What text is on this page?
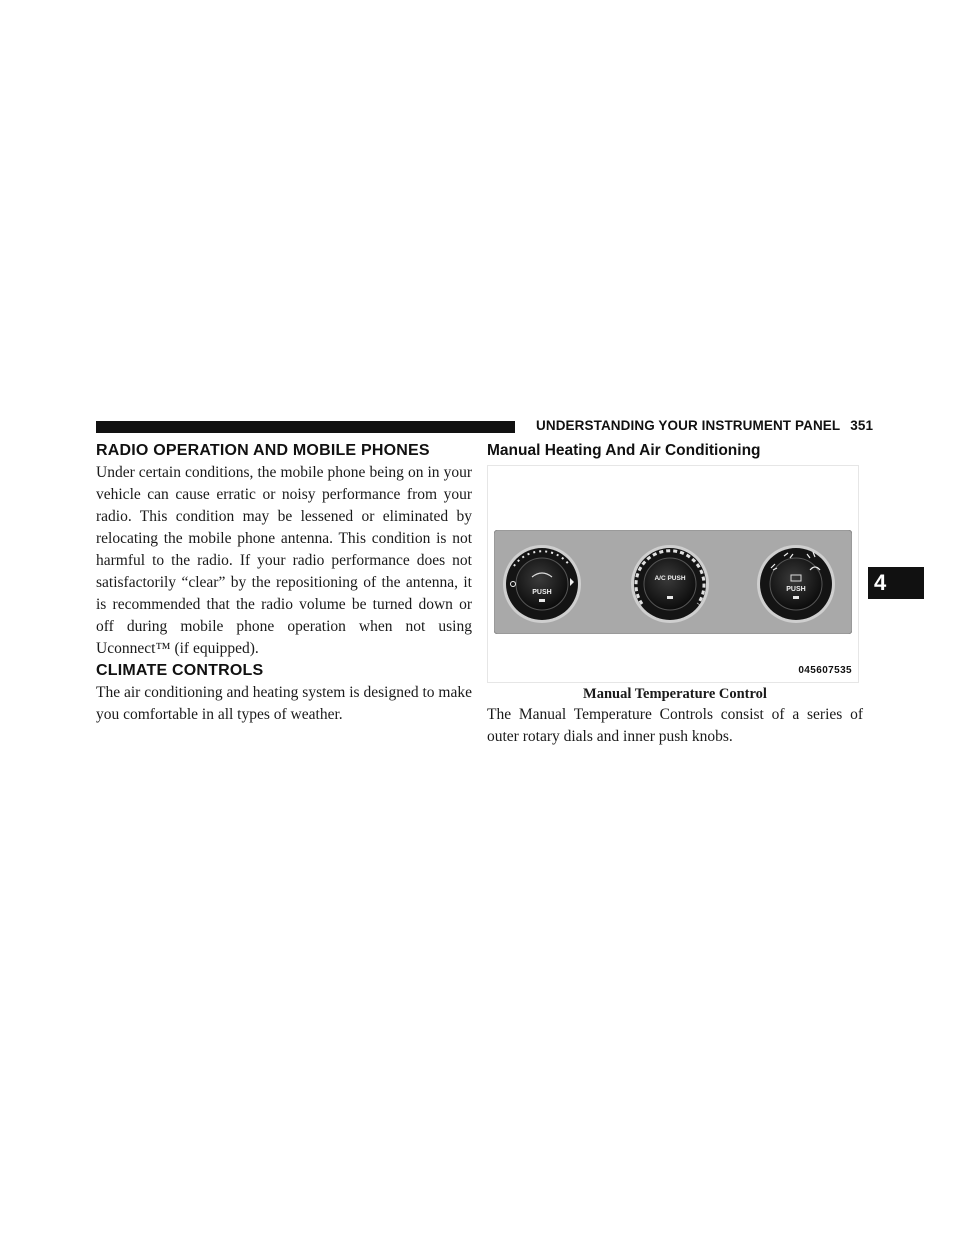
UNDERSTANDING YOUR INSTRUMENT PANEL 351
RADIO OPERATION AND MOBILE PHONES

Under certain conditions, the mobile phone being on in your vehicle can cause erratic or noisy performance from your radio. This condition may be lessened or eliminated by relocating the mobile phone antenna. This condition is not harmful to the radio. If your radio performance does not satisfactorily “clear” by the repositioning of the antenna, it is recommended that the radio volume be turned down or off during mobile phone operation when not using Uconnect™ (if equipped).

CLIMATE CONTROLS

The air conditioning and heating system is designed to make you comfortable in all types of weather.

Manual Heating And Air Conditioning
PUSH
A/C PUSH
PUSH
045607535
Manual Temperature Control

The Manual Temperature Controls consist of a series of outer rotary dials and inner push knobs.

4
